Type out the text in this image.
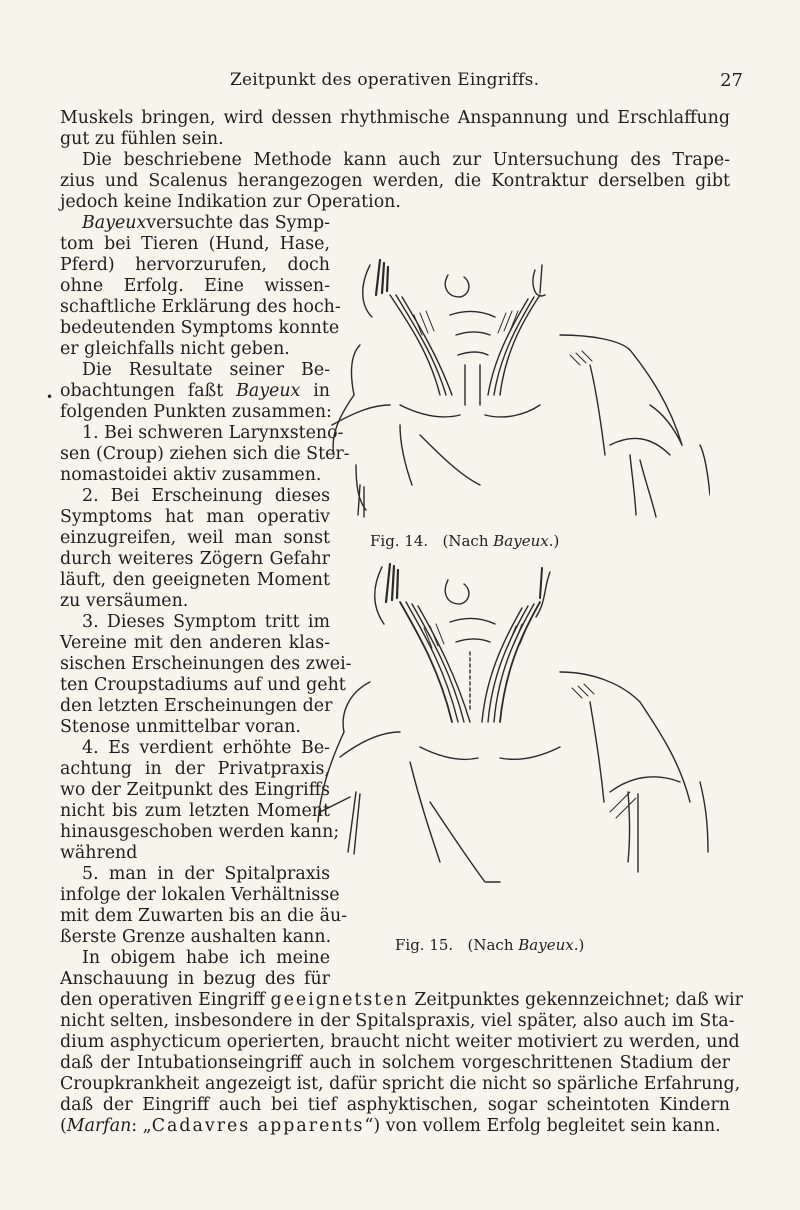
Zeitpunkt des operativen Eingriffs.	27
Muskels bringen, wird dessen rhythmische Anspannung und Erschlaffung
gut zu fühlen sein.
Die beschriebene Methode kann auch zur Untersuchung des Trape-
zius und Scalenus herangezogen werden, die Kontraktur derselben gibt
jedoch keine Indikation zur Operation.
Bayeuxversuchte das Symp-
tom bei Tieren (Hund, Hase,
Pferd) hervorzurufen, doch
ohne Erfolg. Eine wissen-
schaftliche Erklärung des hoch-
bedeutenden Symptoms konnte
er gleichfalls nicht geben.
•
Die Resultate seiner Be-
obachtungen faßt Bayeux in
folgenden Punkten zusammen:
1. Bei schweren Larynxsteno-
sen (Croup) ziehen sich die Ster-
nomastoidei aktiv zusammen.
2. Bei Erscheinung dieses
Symptoms hat man operativ
einzugreifen, weil man sonst
durch weiteres Zögern Gefahr
läuft, den geeigneten Moment
zu versäumen.
3. Dieses Symptom tritt im
Vereine mit den anderen klas-
sischen Erscheinungen des zwei-
ten Croupstadiums auf und geht
den letzten Erscheinungen der
Stenose unmittelbar voran.
4. Es verdient erhöhte Be-
achtung in der Privatpraxis,
wo der Zeitpunkt des Eingriffs
nicht bis zum letzten Moment
hinausgeschoben werden kann;
während
5. man in der Spitalpraxis
infolge der lokalen Verhältnisse
mit dem Zuwarten bis an die äu-
ßerste Grenze aushalten kann.
In obigem habe ich meine
Anschauung in bezug des für
den operativen Eingriff geeignetsten Zeitpunktes gekennzeichnet; daß wir
nicht selten, insbesondere in der Spitalspraxis, viel später, also auch im Sta-
dium asphycticum operierten, braucht nicht weiter motiviert zu werden, und
daß der Intubationseingriff auch in solchem vorgeschrittenen Stadium der
Croupkrankheit angezeigt ist, dafür spricht die nicht so spärliche Erfahrung,
daß der Eingriff auch bei tief asphyktischen, sogar scheintoten Kindern
(Marfan: „Cadavres apparents“) von vollem Erfolg begleitet sein kann.
Fig. 14. (Nach Bayeux.)
Fig. 15. (Nach Bayeux.)
